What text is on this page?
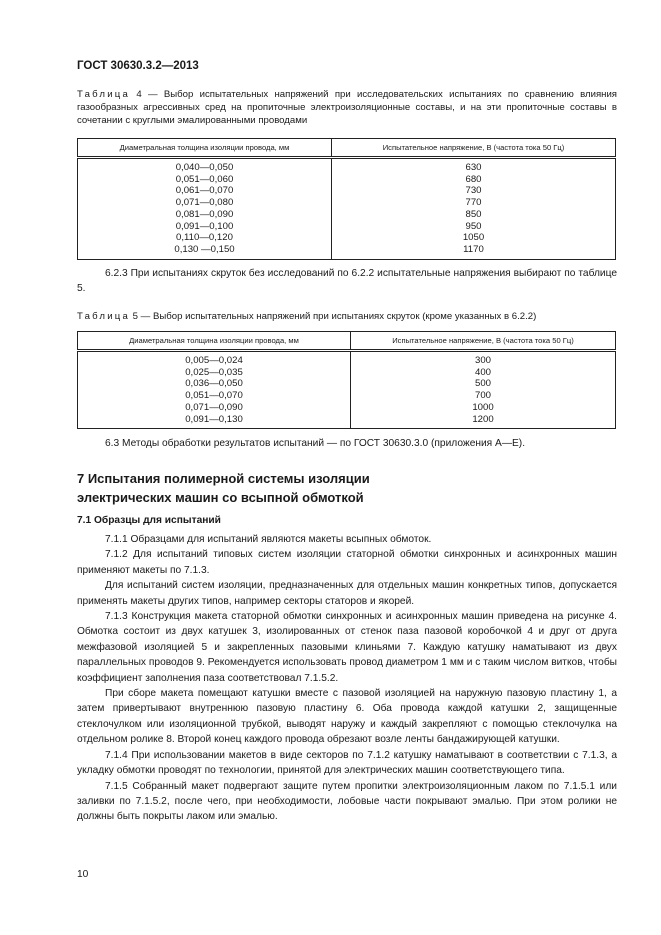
ГОСТ 30630.3.2—2013
Таблица 4 — Выбор испытательных напряжений при исследовательских испытаниях по сравнению влияния газообразных агрессивных сред на пропиточные электроизоляционные составы, и на эти пропиточные составы в сочетании с круглыми эмалированными проводами
Диаметральная толщина изоляции провода, мм	Испытательное напряжение, В (частота тока 50 Гц)
0,040—0,050	630
0,051—0,060	680
0,061—0,070	730
0,071—0,080	770
0,081—0,090	850
0,091—0,100	950
0,110—0,120	1050
0,130 —0,150	1170
6.2.3 При испытаниях скруток без исследований по 6.2.2 испытательные напряжения выбирают по таблице 5.
Таблица 5 — Выбор испытательных напряжений при испытаниях скруток (кроме указанных в 6.2.2)
Диаметральная толщина изоляции провода, мм	Испытательное напряжение, В (частота тока 50 Гц)
0,005—0,024	300
0,025—0,035	400
0,036—0,050	500
0,051—0,070	700
0,071—0,090	1000
0,091—0,130	1200
6.3 Методы обработки результатов испытаний — по ГОСТ 30630.3.0 (приложения А—Е).
7 Испытания полимерной системы изоляции
электрических машин со всыпной обмоткой
7.1 Образцы для испытаний
7.1.1 Образцами для испытаний являются макеты всыпных обмоток.
7.1.2 Для испытаний типовых систем изоляции статорной обмотки синхронных и асинхронных машин применяют макеты по 7.1.3.
Для испытаний систем изоляции, предназначенных для отдельных машин конкретных типов, допускается применять макеты других типов, например секторы статоров и якорей.
7.1.3 Конструкция макета статорной обмотки синхронных и асинхронных машин приведена на рисунке 4. Обмотка состоит из двух катушек 3, изолированных от стенок паза пазовой коробочкой 4 и друг от друга межфазовой изоляцией 5 и закрепленных пазовыми клиньями 7. Каждую катушку наматывают из двух параллельных проводов 9. Рекомендуется использовать провод диаметром 1 мм и с таким числом витков, чтобы коэффициент заполнения паза соответствовал 7.1.5.2.
При сборе макета помещают катушки вместе с пазовой изоляцией на наружную пазовую пластину 1, а затем привертывают внутреннюю пазовую пластину 6. Оба провода каждой катушки 2, защищенные стеклочулком или изоляционной трубкой, выводят наружу и каждый закрепляют с помощью стеклочулка на отдельном ролике 8. Второй конец каждого провода обрезают возле ленты бандажирующей катушки.
7.1.4 При использовании макетов в виде секторов по 7.1.2 катушку наматывают в соответствии с 7.1.3, а укладку обмотки проводят по технологии, принятой для электрических машин соответствующего типа.
7.1.5 Собранный макет подвергают защите путем пропитки электроизоляционным лаком по 7.1.5.1 или заливки по 7.1.5.2, после чего, при необходимости, лобовые части покрывают эмалью. При этом ролики не должны быть покрыты лаком или эмалью.
10
